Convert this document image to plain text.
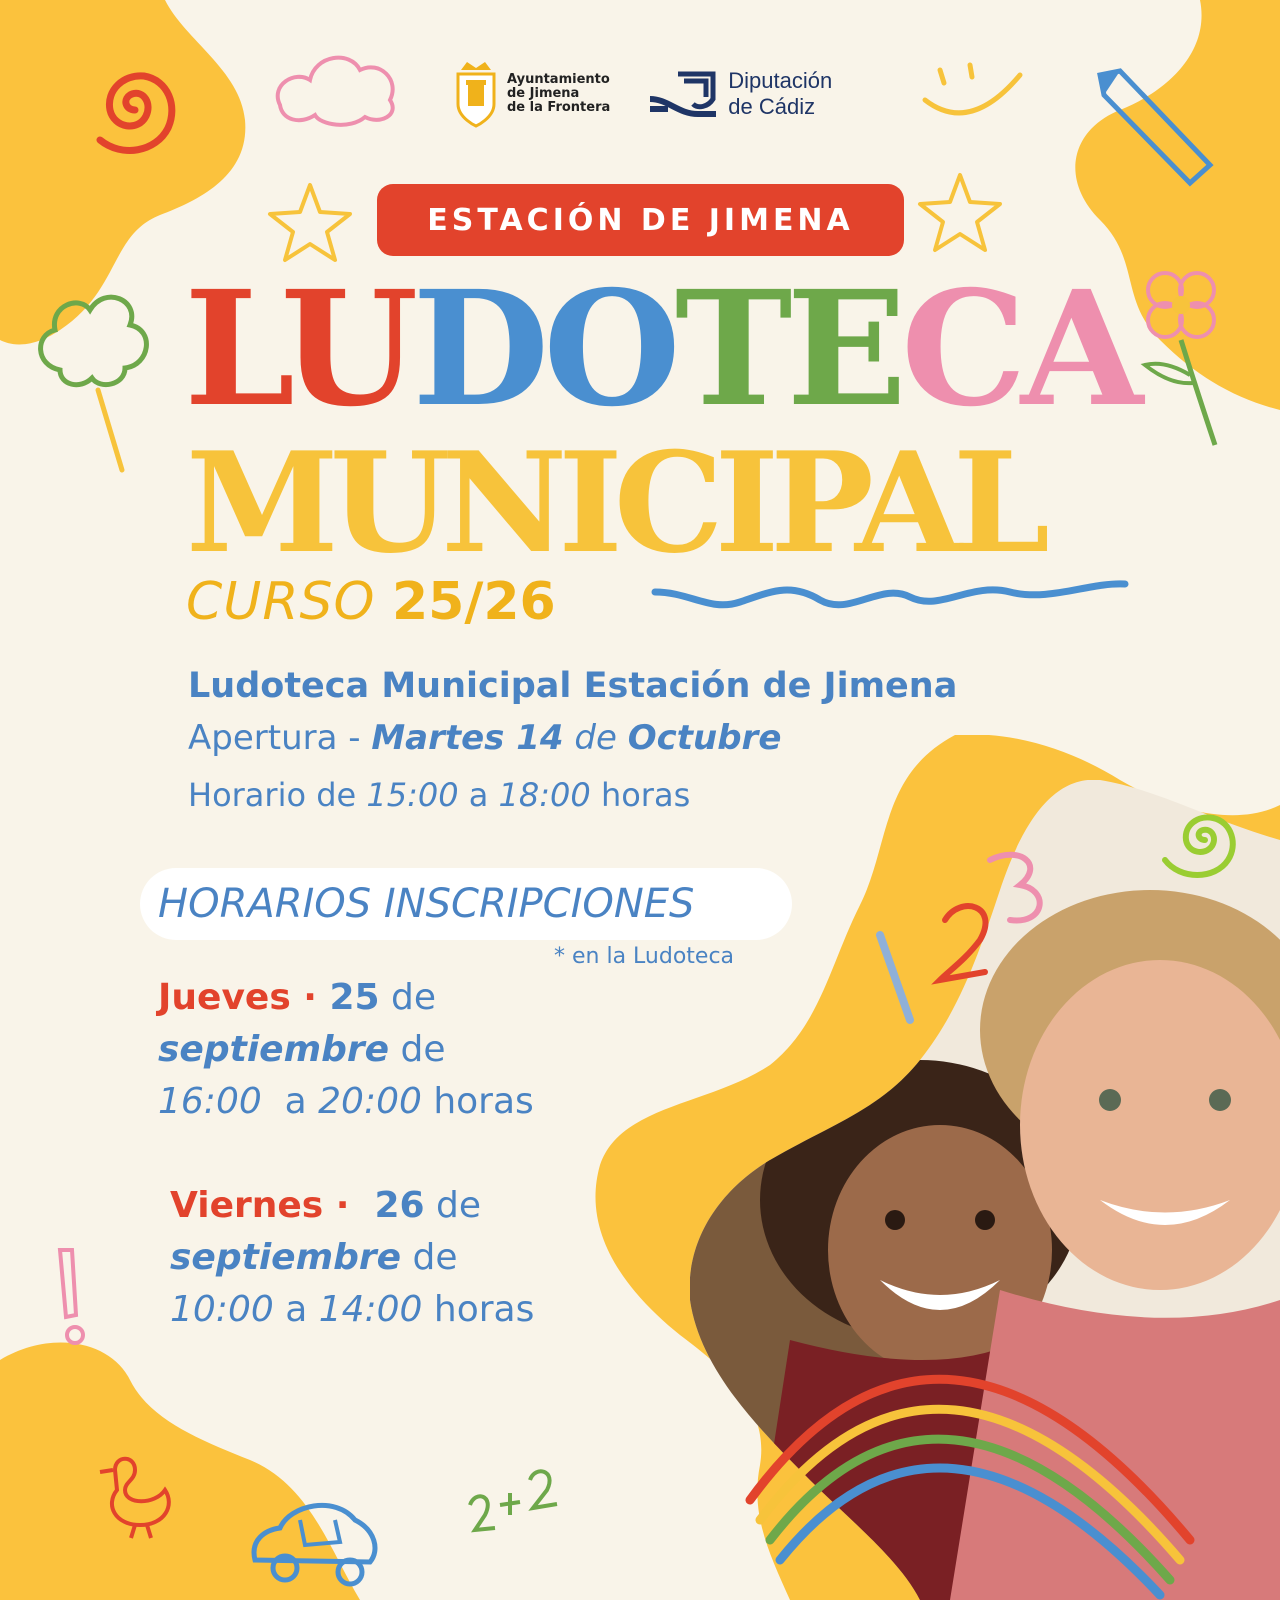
Ayuntamiento
de Jimena
de la Frontera
Diputación
de Cádiz
ESTACIÓN DE JIMENA
LUDOTECA
MUNICIPAL
CURSO 25/26
Ludoteca Municipal Estación de Jimena
Apertura - Martes 14 de Octubre
Horario de 15:00 a 18:00 horas
HORARIOS INSCRIPCIONES
* en la Ludoteca
Jueves · 25 de
septiembre de
16:00  a 20:00 horas
Viernes ·  26 de
septiembre de
10:00 a 14:00 horas
